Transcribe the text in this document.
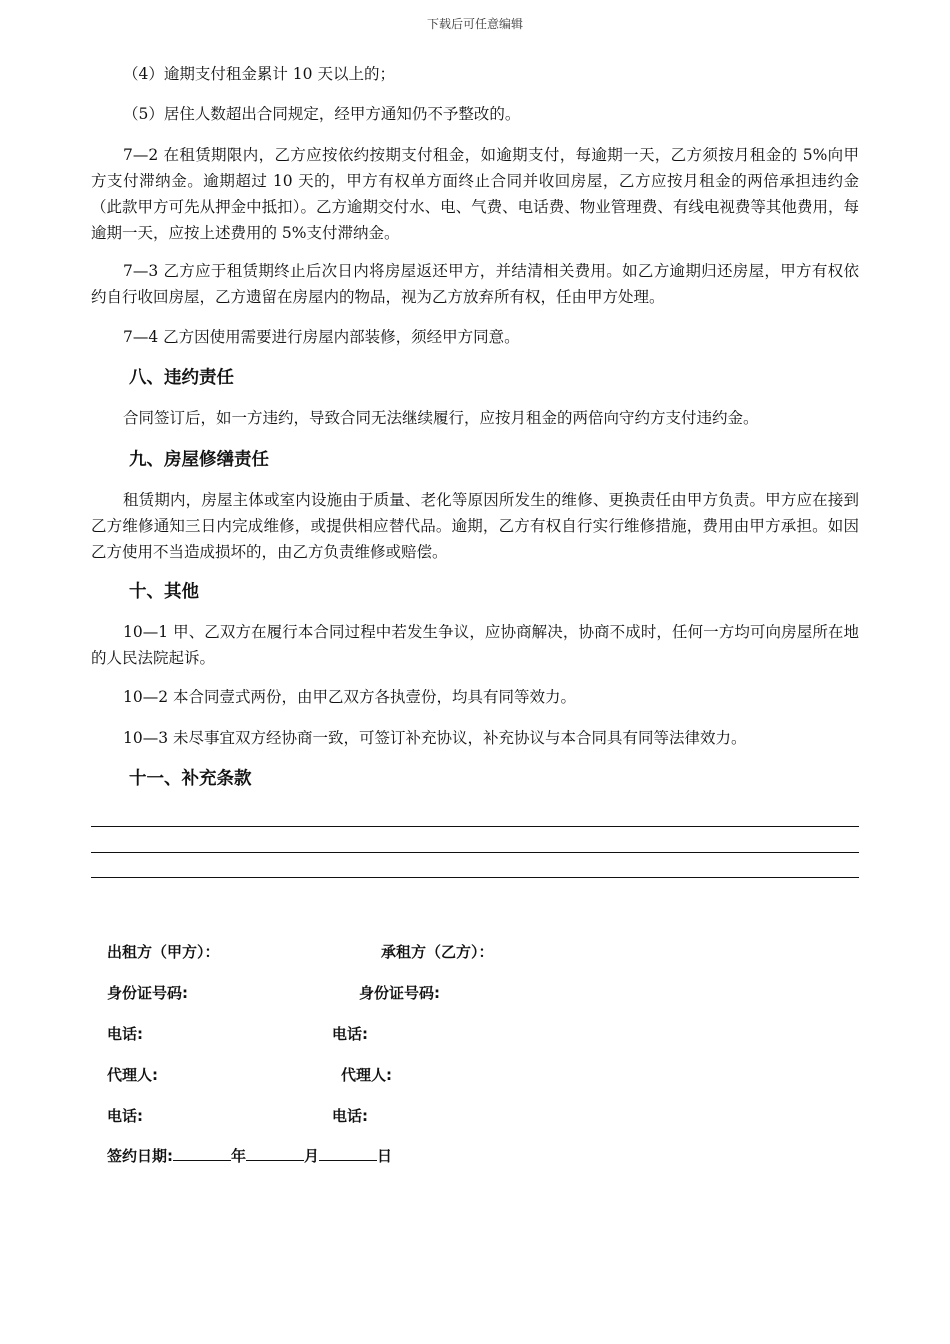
下载后可任意编辑

（4）逾期支付租金累计 10 天以上的；

（5）居住人数超出合同规定，经甲方通知仍不予整改的。

7—2 在租赁期限内，乙方应按依约按期支付租金，如逾期支付，每逾期一天，乙方须按月租金的 5%向甲方支付滞纳金。逾期超过 10 天的，甲方有权单方面终止合同并收回房屋，乙方应按月租金的两倍承担违约金（此款甲方可先从押金中抵扣）。乙方逾期交付水、电、气费、电话费、物业管理费、有线电视费等其他费用，每逾期一天，应按上述费用的 5%支付滞纳金。

7—3 乙方应于租赁期终止后次日内将房屋返还甲方，并结清相关费用。如乙方逾期归还房屋，甲方有权依约自行收回房屋，乙方遗留在房屋内的物品，视为乙方放弃所有权，任由甲方处理。

7—4 乙方因使用需要进行房屋内部装修，须经甲方同意。

八、违约责任

合同签订后，如一方违约，导致合同无法继续履行，应按月租金的两倍向守约方支付违约金。

九、房屋修缮责任

租赁期内，房屋主体或室内设施由于质量、老化等原因所发生的维修、更换责任由甲方负责。甲方应在接到乙方维修通知三日内完成维修，或提供相应替代品。逾期，乙方有权自行实行维修措施，费用由甲方承担。如因乙方使用不当造成损坏的，由乙方负责维修或赔偿。

十、其他

10—1 甲、乙双方在履行本合同过程中若发生争议，应协商解决，协商不成时，任何一方均可向房屋所在地的人民法院起诉。

10—2 本合同壹式两份，由甲乙双方各执壹份，均具有同等效力。

10—3 未尽事宜双方经协商一致，可签订补充协议，补充协议与本合同具有同等法律效力。

十一、补充条款
出租方（甲方）：	承租方（乙方）：
身份证号码:	身份证号码:
电话:	电话:
代理人:	代理人:
电话:	电话:
签约日期:	年	月	日
